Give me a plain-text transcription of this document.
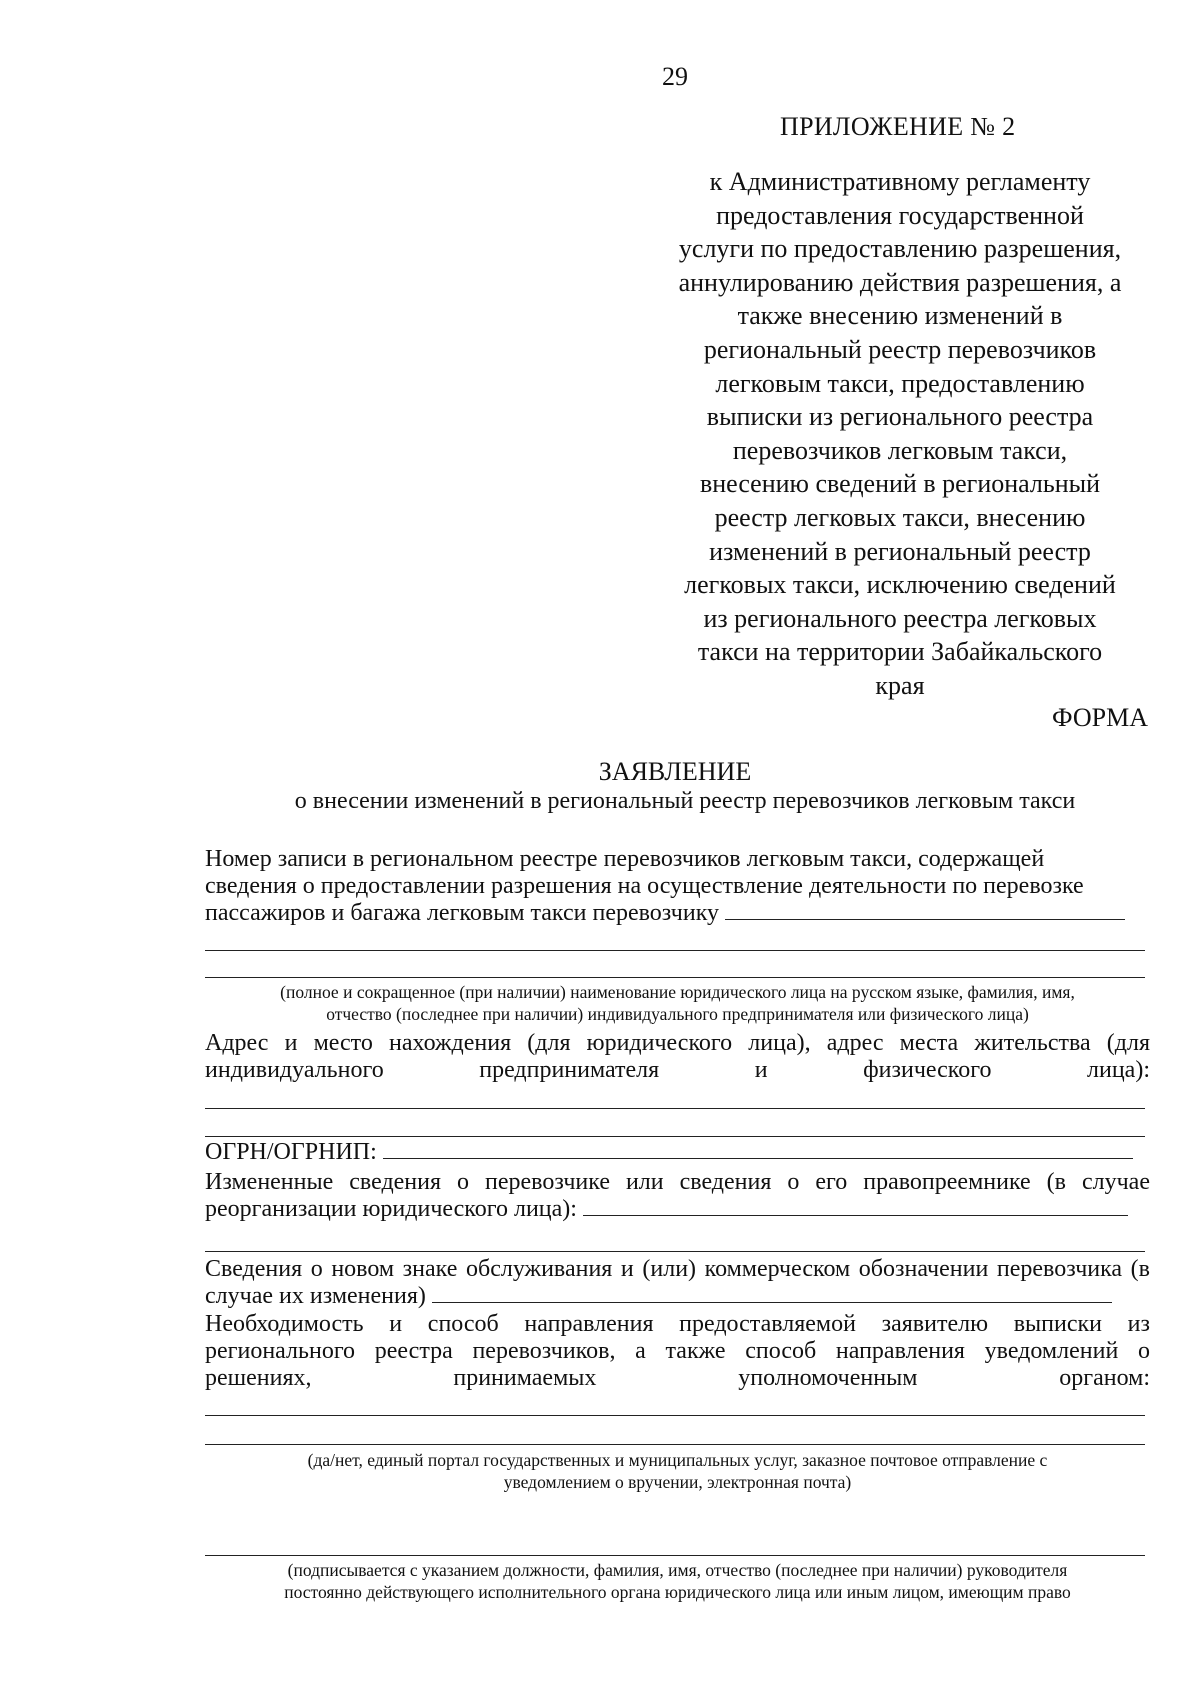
29
ПРИЛОЖЕНИЕ № 2
к Административному регламенту
предоставления государственной
услуги по предоставлению разрешения,
аннулированию действия разрешения, а
также внесению изменений в
региональный реестр перевозчиков
легковым такси, предоставлению
выписки из регионального реестра
перевозчиков легковым такси,
внесению сведений в региональный
реестр легковых такси, внесению
изменений в региональный реестр
легковых такси, исключению сведений
из регионального реестра легковых
такси на территории Забайкальского
края
ФОРМА
ЗАЯВЛЕНИЕ
о внесении изменений в региональный реестр перевозчиков легковым такси
Номер записи в региональном реестре перевозчиков легковым такси, содержащей
сведения о предоставлении разрешения на осуществление деятельности по перевозке
пассажиров и багажа легковым такси перевозчику
(полное и сокращенное (при наличии) наименование юридического лица на русском языке, фамилия, имя,
отчество (последнее при наличии) индивидуального предпринимателя или физического лица)
Адрес и место нахождения (для юридического лица), адрес места жительства (для
индивидуального предпринимателя и физического лица):
ОГРН/ОГРНИП:
Измененные сведения о перевозчике или сведения о его правопреемнике (в случае
реорганизации юридического лица):
Сведения о новом знаке обслуживания и (или) коммерческом обозначении перевозчика (в
случае их изменения)
Необходимость и способ направления предоставляемой заявителю выписки из
регионального реестра перевозчиков, а также способ направления уведомлений о
решениях, принимаемых уполномоченным органом:
(да/нет, единый портал государственных и муниципальных услуг, заказное почтовое отправление с
уведомлением о вручении, электронная почта)
(подписывается с указанием должности, фамилия, имя, отчество (последнее при наличии) руководителя
постоянно действующего исполнительного органа юридического лица или иным лицом, имеющим право
